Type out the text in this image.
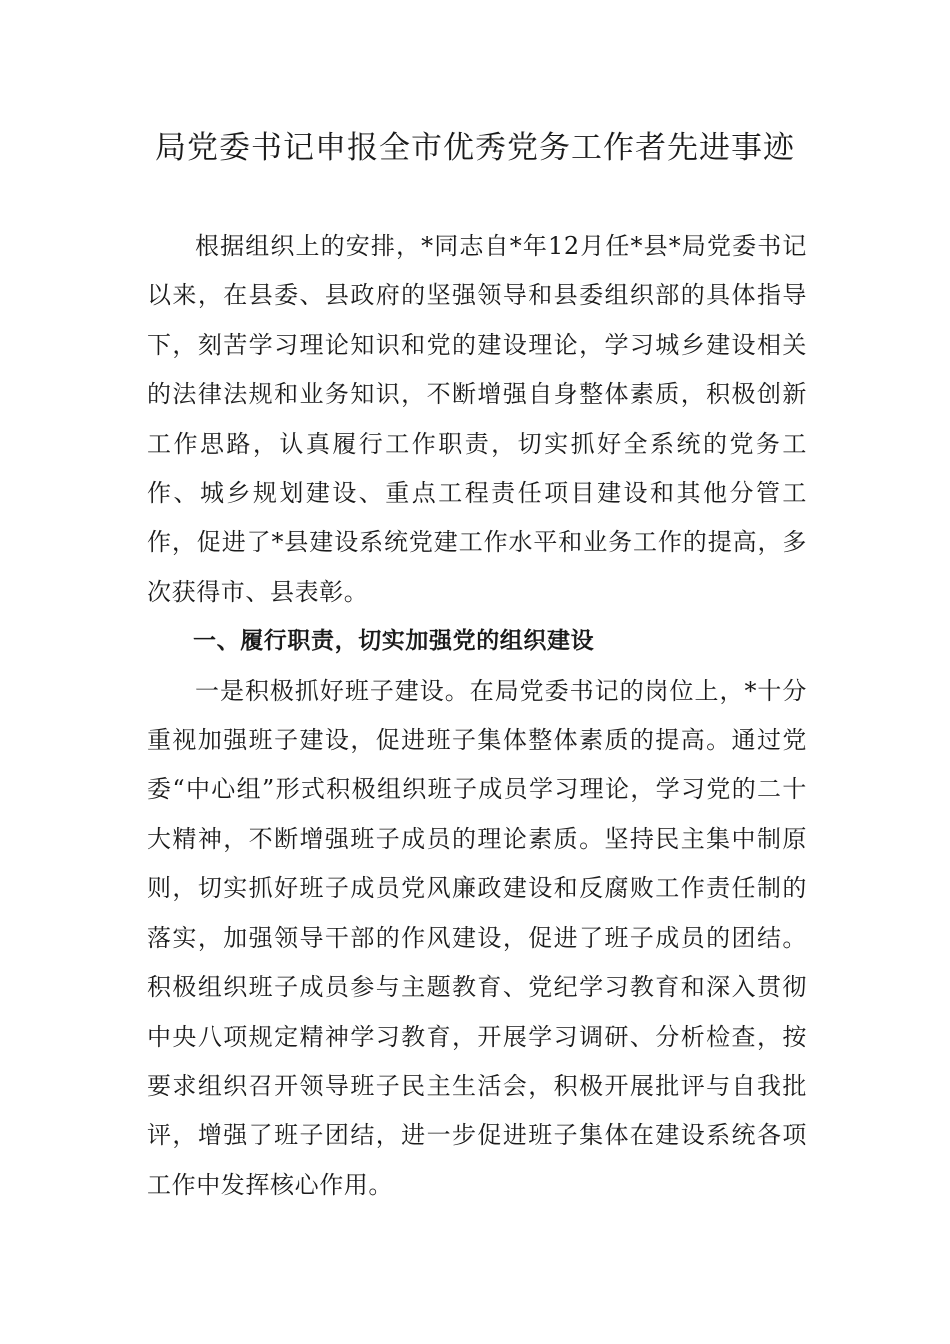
局党委书记申报全市优秀党务工作者先进事迹

根据组织上的安排，*同志自*年12月任*县*局党委书记以来，在县委、县政府的坚强领导和县委组织部的具体指导下，刻苦学习理论知识和党的建设理论，学习城乡建设相关的法律法规和业务知识，不断增强自身整体素质，积极创新工作思路，认真履行工作职责，切实抓好全系统的党务工作、城乡规划建设、重点工程责任项目建设和其他分管工作，促进了*县建设系统党建工作水平和业务工作的提高，多次获得市、县表彰。

一、履行职责，切实加强党的组织建设

一是积极抓好班子建设。在局党委书记的岗位上，*十分重视加强班子建设，促进班子集体整体素质的提高。通过党委“中心组”形式积极组织班子成员学习理论，学习党的二十大精神，不断增强班子成员的理论素质。坚持民主集中制原则，切实抓好班子成员党风廉政建设和反腐败工作责任制的落实，加强领导干部的作风建设，促进了班子成员的团结。积极组织班子成员参与主题教育、党纪学习教育和深入贯彻中央八项规定精神学习教育，开展学习调研、分析检查，按要求组织召开领导班子民主生活会，积极开展批评与自我批评，增强了班子团结，进一步促进班子集体在建设系统各项工作中发挥核心作用。
